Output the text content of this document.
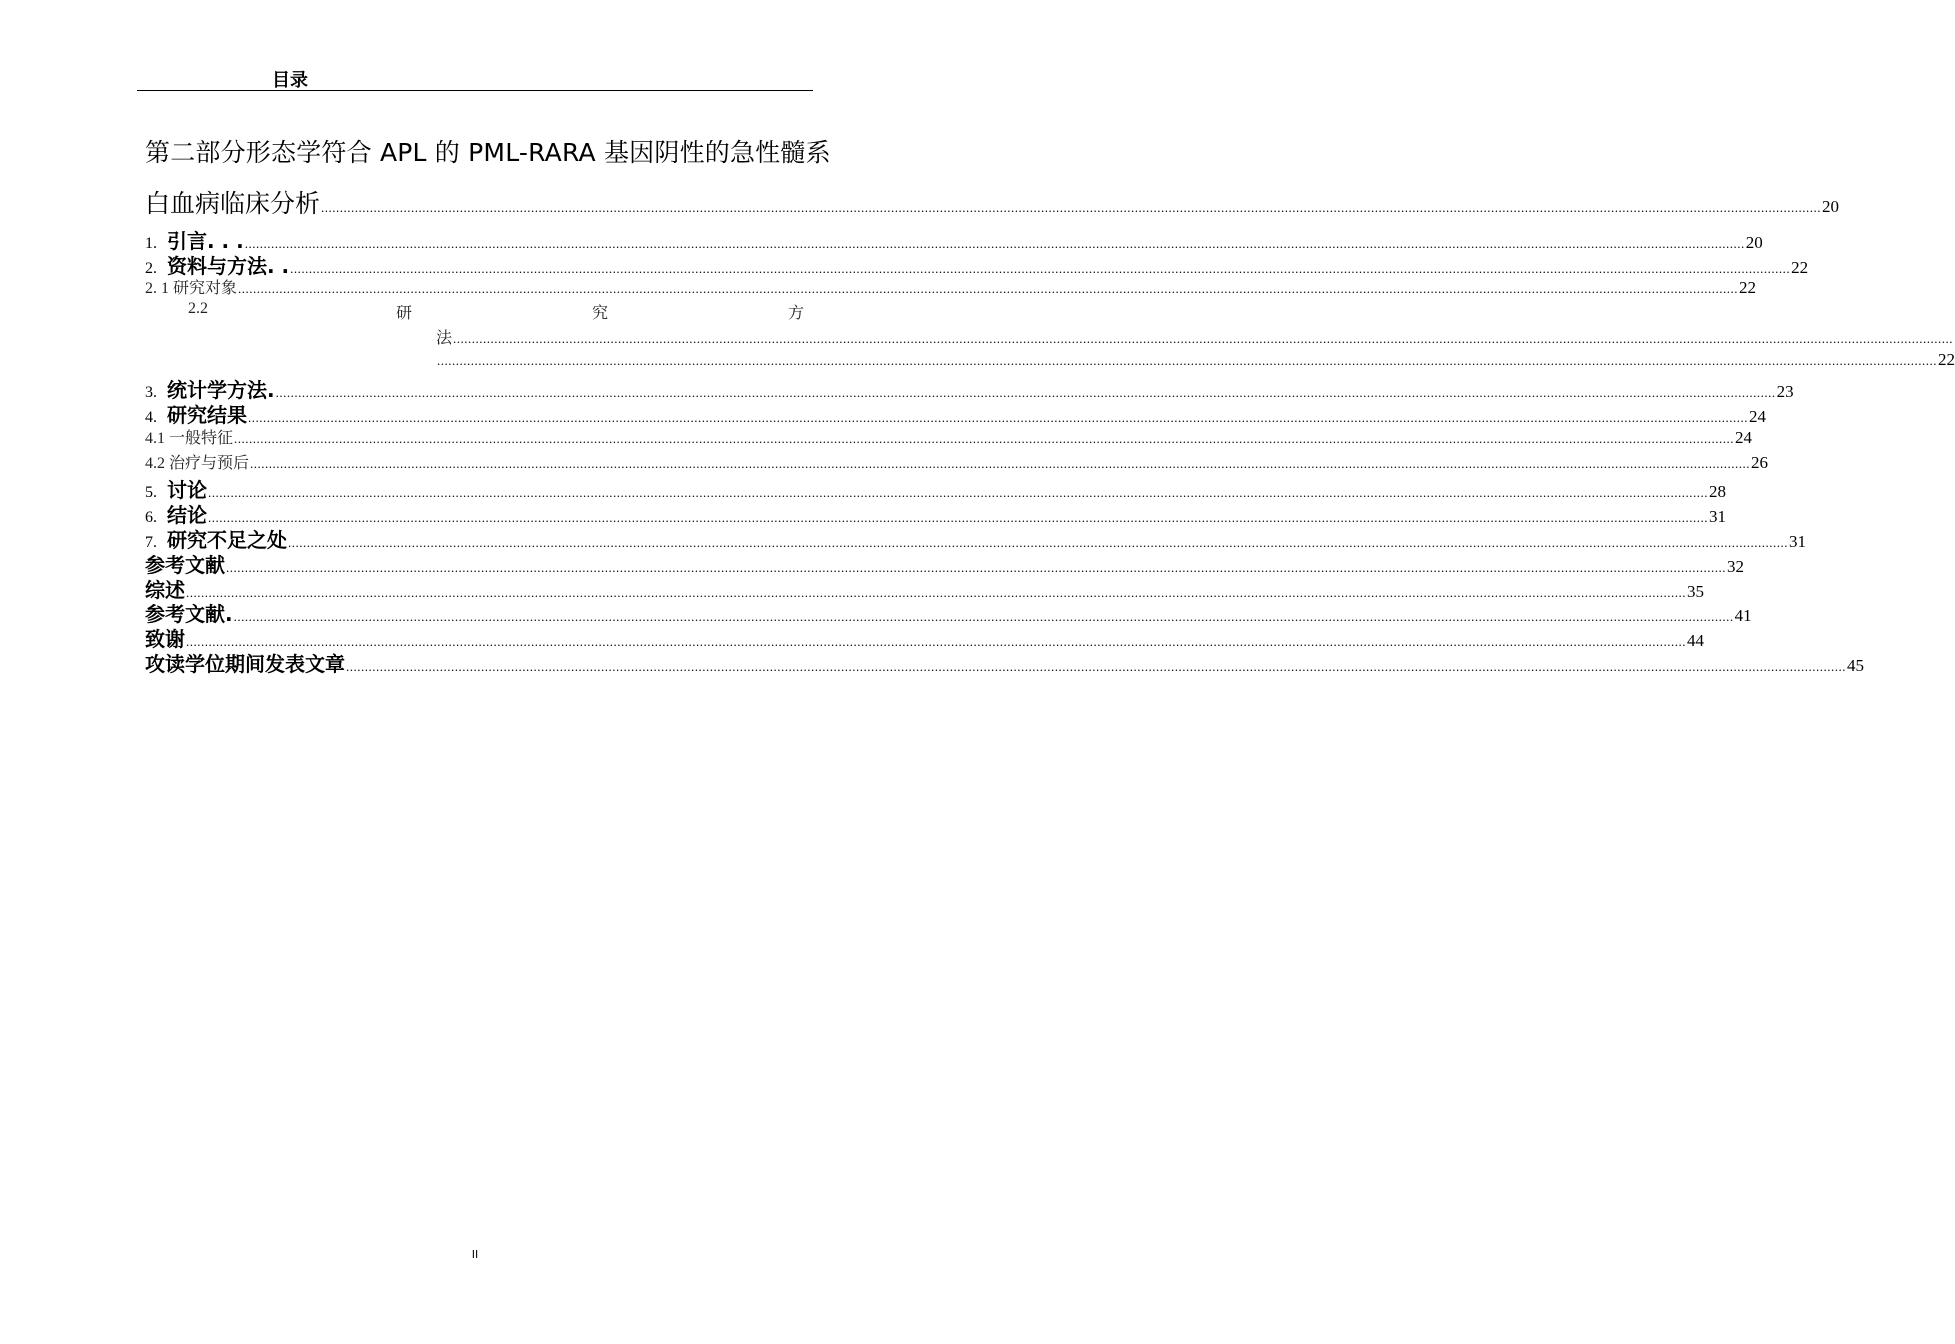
目录
第二部分形态学符合 APL 的 PML-RARA 基因阴性的急性髓系
白血病临床分析 ................................................................................................................................................................................................................................................................................................................................................................................................................ 20
1. 引言. . . ................................................................................................................................................................................................................................................................................................................................................................................................................ 20
2. 资料与方法. . ................................................................................................................................................................................................................................................................................................................................................................................................................ 22
2. 1 研究对象 ................................................................................................................................................................................................................................................................................................................................................................................................................ 22
2.2	研	究	方
法 ................................................................................................................................................................................................................................................................................................................................................................................................................
................................................................................................................................................................................................................................................................................................................................................................................................................ 22
3. 统计学方法. ................................................................................................................................................................................................................................................................................................................................................................................................................ 23
4. 研究结果 ................................................................................................................................................................................................................................................................................................................................................................................................................ 24
4.1 一般特征 ................................................................................................................................................................................................................................................................................................................................................................................................................ 24
4.2 治疗与预后 ................................................................................................................................................................................................................................................................................................................................................................................................................ 26
5. 讨论 ................................................................................................................................................................................................................................................................................................................................................................................................................ 28
6. 结论 ................................................................................................................................................................................................................................................................................................................................................................................................................ 31
7. 研究不足之处 ................................................................................................................................................................................................................................................................................................................................................................................................................ 31
参考文献 ................................................................................................................................................................................................................................................................................................................................................................................................................ 32
综述 ................................................................................................................................................................................................................................................................................................................................................................................................................ 35
参考文献. ................................................................................................................................................................................................................................................................................................................................................................................................................ 41
致谢 ................................................................................................................................................................................................................................................................................................................................................................................................................ 44
攻读学位期间发表文章 ................................................................................................................................................................................................................................................................................................................................................................................................................ 45
II
